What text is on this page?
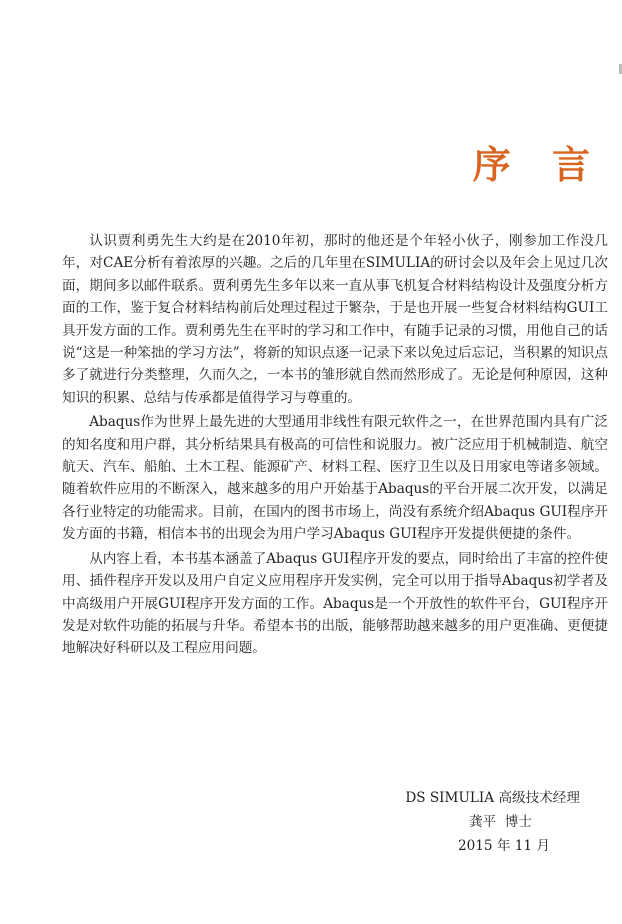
序 言

认识贾利勇先生大约是在2010年初，那时的他还是个年轻小伙子，刚参加工作没几年，对CAE分析有着浓厚的兴趣。之后的几年里在SIMULIA的研讨会以及年会上见过几次面，期间多以邮件联系。贾利勇先生多年以来一直从事飞机复合材料结构设计及强度分析方面的工作，鉴于复合材料结构前后处理过程过于繁杂，于是也开展一些复合材料结构GUI工具开发方面的工作。贾利勇先生在平时的学习和工作中，有随手记录的习惯，用他自己的话说“这是一种笨拙的学习方法”，将新的知识点逐一记录下来以免过后忘记，当积累的知识点多了就进行分类整理，久而久之，一本书的雏形就自然而然形成了。无论是何种原因，这种知识的积累、总结与传承都是值得学习与尊重的。

Abaqus作为世界上最先进的大型通用非线性有限元软件之一，在世界范围内具有广泛的知名度和用户群，其分析结果具有极高的可信性和说服力。被广泛应用于机械制造、航空航天、汽车、船舶、土木工程、能源矿产、材料工程、医疗卫生以及日用家电等诸多领域。随着软件应用的不断深入，越来越多的用户开始基于Abaqus的平台开展二次开发，以满足各行业特定的功能需求。目前，在国内的图书市场上，尚没有系统介绍Abaqus GUI程序开发方面的书籍，相信本书的出现会为用户学习Abaqus GUI程序开发提供便捷的条件。

从内容上看，本书基本涵盖了Abaqus GUI程序开发的要点，同时给出了丰富的控件使用、插件程序开发以及用户自定义应用程序开发实例，完全可以用于指导Abaqus初学者及中高级用户开展GUI程序开发方面的工作。Abaqus是一个开放性的软件平台，GUI程序开发是对软件功能的拓展与升华。希望本书的出版，能够帮助越来越多的用户更准确、更便捷地解决好科研以及工程应用问题。

DS SIMULIA 高级技术经理
龚平  博士
2015 年 11 月
